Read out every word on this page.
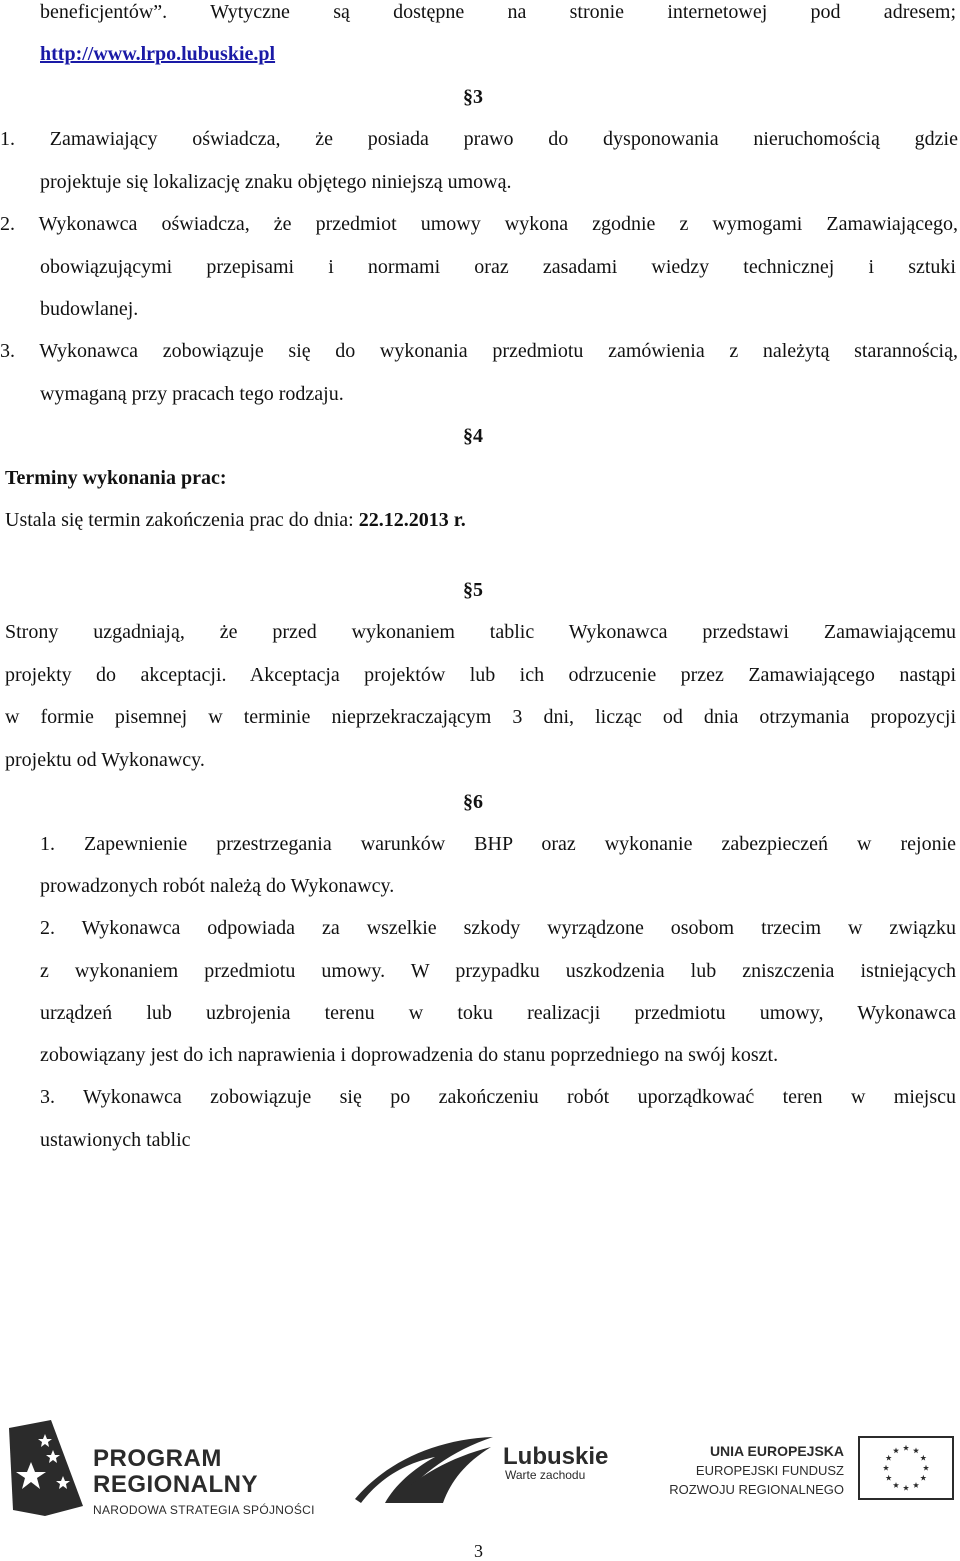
beneficjentów”. Wytyczne są dostępne na stronie internetowej pod adresem;

http://www.lrpo.lubuskie.pl

§3

1. Zamawiający oświadcza, że posiada prawo do dysponowania nieruchomością gdzie

projektuje się lokalizację znaku objętego niniejszą umową.

2. Wykonawca oświadcza, że przedmiot umowy wykona zgodnie z wymogami Zamawiającego,

obowiązującymi przepisami i normami oraz zasadami wiedzy technicznej i sztuki

budowlanej.

3. Wykonawca zobowiązuje się do wykonania przedmiotu zamówienia z należytą starannością,

wymaganą przy pracach tego rodzaju.

§4

Terminy wykonania prac:

Ustala się termin zakończenia prac do dnia: 22.12.2013 r.

§5

Strony uzgadniają, że przed wykonaniem tablic Wykonawca przedstawi Zamawiającemu

projekty do akceptacji. Akceptacja projektów lub ich odrzucenie przez Zamawiającego nastąpi

w formie pisemnej w terminie nieprzekraczającym 3 dni, licząc od dnia otrzymania propozycji

projektu od Wykonawcy.

§6

1. Zapewnienie przestrzegania warunków BHP oraz wykonanie zabezpieczeń w rejonie

prowadzonych robót należą do Wykonawcy.

2. Wykonawca odpowiada za wszelkie szkody wyrządzone osobom trzecim w związku

z wykonaniem przedmiotu umowy. W przypadku uszkodzenia lub zniszczenia istniejących

urządzeń lub uzbrojenia terenu w toku realizacji przedmiotu umowy, Wykonawca

zobowiązany jest do ich naprawienia i doprowadzenia do stanu poprzedniego na swój koszt.

3. Wykonawca zobowiązuje się po zakończeniu robót uporządkować teren w miejscu

ustawionych tablic

PROGRAM
REGIONALNY
NARODOWA STRATEGIA SPÓJNOŚCI
Lubuskie
Warte zachodu
UNIA EUROPEJSKA
EUROPEJSKI FUNDUSZ
ROZWOJU REGIONALNEGO
3
